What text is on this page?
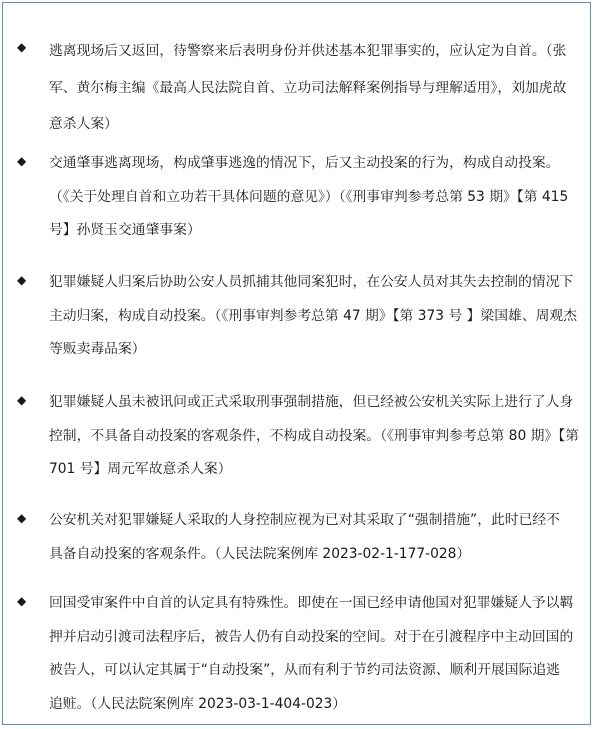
◆ 逃离现场后又返回，待警察来后表明身份并供述基本犯罪事实的，应认定为自首。（张
军、黄尔梅主编《最高人民法院自首、立功司法解释案例指导与理解适用》，刘加虎故
意杀人案）
◆ 交通肇事逃离现场，构成肇事逃逸的情况下，后又主动投案的行为，构成自动投案。
（《关于处理自首和立功若干具体问题的意见》）（《刑事审判参考总第 53 期》【第 415
号】孙贤玉交通肇事案）
◆ 犯罪嫌疑人归案后协助公安人员抓捕其他同案犯时，在公安人员对其失去控制的情况下
主动归案，构成自动投案。（《刑事审判参考总第 47 期》【第 373 号 】梁国雄、周观杰
等贩卖毒品案）
◆ 犯罪嫌疑人虽未被讯问或正式采取刑事强制措施，但已经被公安机关实际上进行了人身
控制，不具备自动投案的客观条件，不构成自动投案。（《刑事审判参考总第 80 期》【第
701 号】周元军故意杀人案）
◆ 公安机关对犯罪嫌疑人采取的人身控制应视为已对其采取了“强制措施”，此时已经不
具备自动投案的客观条件。（人民法院案例库 2023-02-1-177-028）
◆ 回国受审案件中自首的认定具有特殊性。即使在一国已经申请他国对犯罪嫌疑人予以羁
押并启动引渡司法程序后，被告人仍有自动投案的空间。对于在引渡程序中主动回国的
被告人，可以认定其属于“自动投案”，从而有利于节约司法资源、顺利开展国际追逃
追赃。（人民法院案例库 2023-03-1-404-023）
